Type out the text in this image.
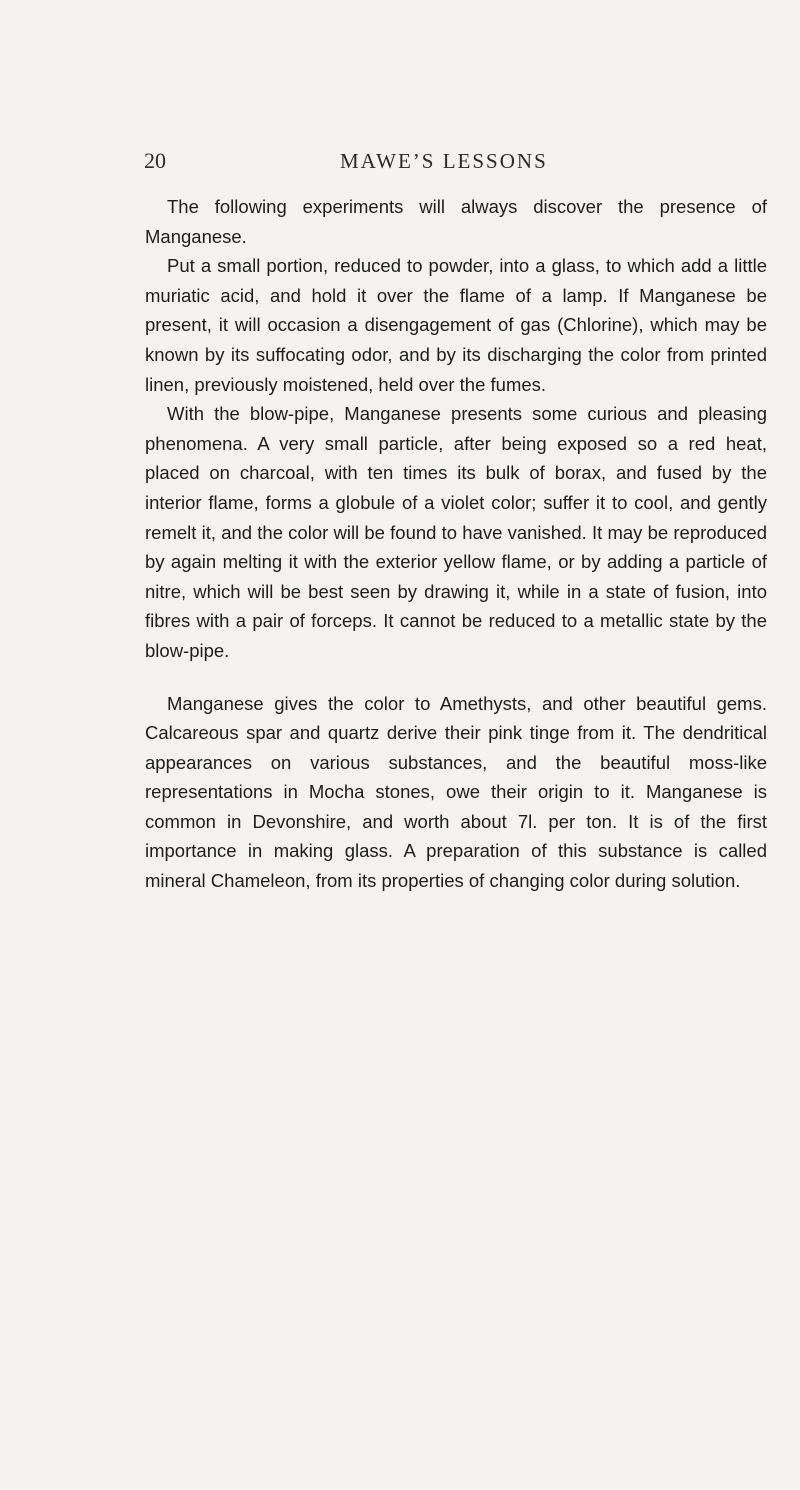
20	MAWE’S LESSONS

The following experiments will always discover the presence of Manganese.

Put a small portion, reduced to powder, into a glass, to which add a little muriatic acid, and hold it over the flame of a lamp. If Manganese be present, it will occasion a disengagement of gas (Chlorine), which may be known by its suffocating odor, and by its discharging the color from printed linen, previously moistened, held over the fumes.

With the blow-pipe, Manganese presents some curious and pleasing phenomena. A very small particle, after being exposed so a red heat, placed on charcoal, with ten times its bulk of borax, and fused by the interior flame, forms a globule of a violet color; suffer it to cool, and gently remelt it, and the color will be found to have vanished. It may be reproduced by again melting it with the exterior yellow flame, or by adding a particle of nitre, which will be best seen by drawing it, while in a state of fusion, into fibres with a pair of forceps. It cannot be reduced to a metallic state by the blow-pipe.

Manganese gives the color to Amethysts, and other beautiful gems. Calcareous spar and quartz derive their pink tinge from it. The dendritical appearances on various substances, and the beautiful moss-like representations in Mocha stones, owe their origin to it. Manganese is common in Devonshire, and worth about 7l. per ton. It is of the first importance in making glass. A preparation of this substance is called mineral Chameleon, from its properties of changing color during solution.
